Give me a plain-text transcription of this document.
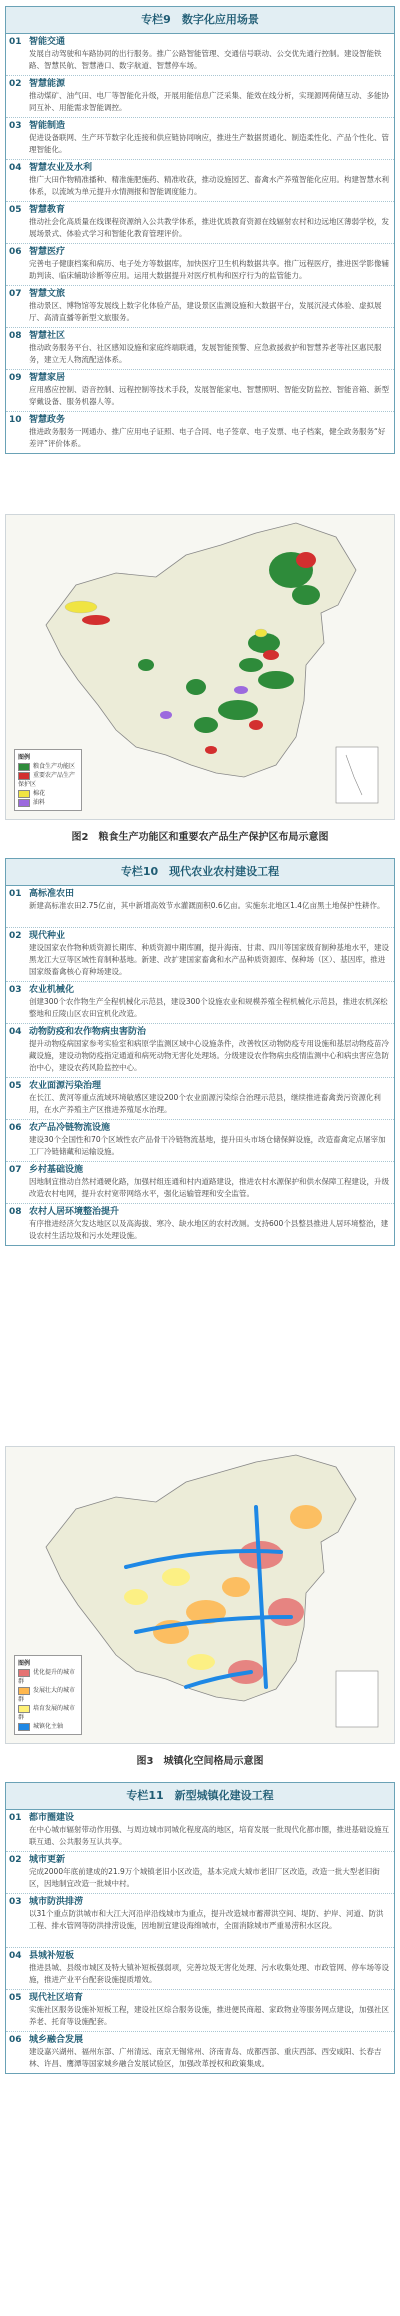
专栏9　数字化应用场景
01 智能交通
发展自动驾驶和车路协同的出行服务。推广公路智能管理、交通信号联动、公交优先通行控制。建设智能铁路、智慧民航、智慧港口、数字航道、智慧停车场。
02 智慧能源
推动煤矿、油气田、电厂等智能化升级，开展用能信息广泛采集、能效在线分析，实现源网荷储互动、多能协同互补、用能需求智能调控。
03 智能制造
促进设备联网、生产环节数字化连接和供应链协同响应，推进生产数据贯通化、制造柔性化、产品个性化、管理智能化。
04 智慧农业及水利
推广大田作物精准播种、精准施肥施药、精准收获，推动设施园艺、畜禽水产养殖智能化应用。构建智慧水利体系，以流域为单元提升水情测报和智能调度能力。
05 智慧教育
推动社会化高质量在线课程资源纳入公共教学体系，推进优质教育资源在线辐射农村和边远地区薄弱学校，发展场景式、体验式学习和智能化教育管理评价。
06 智慧医疗
完善电子健康档案和病历、电子处方等数据库，加快医疗卫生机构数据共享。推广远程医疗，推进医学影像辅助判读、临床辅助诊断等应用。运用大数据提升对医疗机构和医疗行为的监管能力。
07 智慧文旅
推动景区、博物馆等发展线上数字化体验产品，建设景区监测设施和大数据平台，发展沉浸式体验、虚拟展厅、高清直播等新型文旅服务。
08 智慧社区
推动政务服务平台、社区感知设施和家庭终端联通，发展智能预警、应急救援救护和智慧养老等社区惠民服务，建立无人物流配送体系。
09 智慧家居
应用感应控制、语音控制、远程控制等技术手段，发展智能家电、智慧照明、智能安防监控、智能音箱、新型穿戴设备、服务机器人等。
10 智慧政务
推进政务服务一网通办、推广应用电子证照、电子合同、电子签章、电子发票、电子档案，健全政务服务“好差评”评价体系。
图例
粮食生产功能区
重要农产品生产保护区
棉花
油料
图2　粮食生产功能区和重要农产品生产保护区布局示意图
专栏10　现代农业农村建设工程
01 高标准农田
新建高标准农田2.75亿亩，其中新增高效节水灌溉面积0.6亿亩。实施东北地区1.4亿亩黑土地保护性耕作。
02 现代种业
建设国家农作物种质资源长期库、种质资源中期库圃，提升海南、甘肃、四川等国家级育制种基地水平，建设黑龙江大豆等区域性育制种基地。新建、改扩建国家畜禽和水产品种质资源库、保种场（区）、基因库，推进国家级畜禽核心育种场建设。
03 农业机械化
创建300个农作物生产全程机械化示范县，建设300个设施农业和规模养殖全程机械化示范县，推进农机深松整地和丘陵山区农田宜机化改造。
04 动物防疫和农作物病虫害防治
提升动物疫病国家参考实验室和病原学监测区域中心设施条件，改善牧区动物防疫专用设施和基层动物疫苗冷藏设施，建设动物防疫指定通道和病死动物无害化处理场。分级建设农作物病虫疫情监测中心和病虫害应急防治中心，建设农药风险监控中心。
05 农业面源污染治理
在长江、黄河等重点流域环境敏感区建设200个农业面源污染综合治理示范县，继续推进畜禽粪污资源化利用，在水产养殖主产区推进养殖尾水治理。
06 农产品冷链物流设施
建设30个全国性和70个区域性农产品骨干冷链物流基地，提升田头市场仓储保鲜设施，改造畜禽定点屠宰加工厂冷链储藏和运输设施。
07 乡村基础设施
因地制宜推动自然村通硬化路，加强村组连通和村内道路建设，推进农村水源保护和供水保障工程建设，升级改造农村电网，提升农村宽带网络水平，强化运输管理和安全监管。
08 农村人居环境整治提升
有序推进经济欠发达地区以及高海拔、寒冷、缺水地区的农村改厕。支持600个县整县推进人居环境整治，建设农村生活垃圾和污水处理设施。
图例
优化提升的城市群
发展壮大的城市群
培育发展的城市群
城镇化主轴
图3　城镇化空间格局示意图
专栏11　新型城镇化建设工程
01 都市圈建设
在中心城市辐射带动作用强、与周边城市同城化程度高的地区，培育发展一批现代化都市圈，推进基础设施互联互通、公共服务互认共享。
02 城市更新
完成2000年底前建成的21.9万个城镇老旧小区改造，基本完成大城市老旧厂区改造，改造一批大型老旧街区，因地制宜改造一批城中村。
03 城市防洪排涝
以31个重点防洪城市和大江大河沿岸沿线城市为重点，提升改造城市蓄滞洪空间、堤防、护岸、河道、防洪工程、排水管网等防洪排涝设施，因地制宜建设海绵城市，全面消除城市严重易涝积水区段。
04 县城补短板
推进县城、县级市城区及特大镇补短板强弱项，完善垃圾无害化处理、污水收集处理、市政管网、停车场等设施，推进产业平台配套设施提质增效。
05 现代社区培育
实施社区服务设施补短板工程，建设社区综合服务设施，推进便民商超、家政物业等服务网点建设，加强社区养老、托育等设施配套。
06 城乡融合发展
建设嘉兴湖州、福州东部、广州清远、南京无锡常州、济南青岛、成都西部、重庆西部、西安咸阳、长春吉林、许昌、鹰潭等国家城乡融合发展试验区，加强改革授权和政策集成。
